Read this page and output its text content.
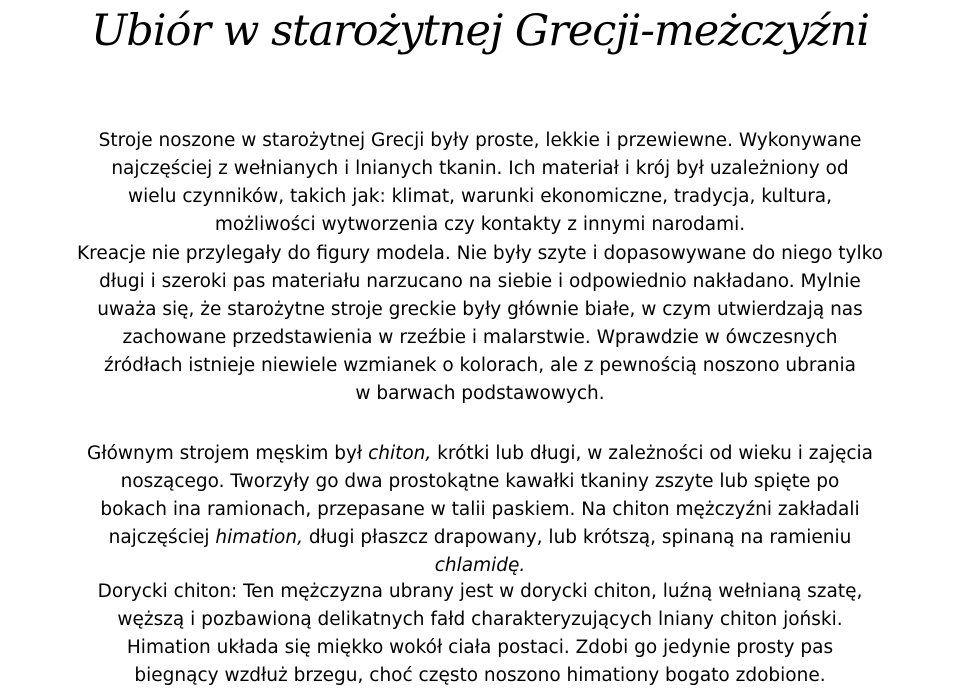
Ubiór w starożytnej Grecji-meżczyźni
Stroje noszone w starożytnej Grecji były proste, lekkie i przewiewne. Wykonywane
najczęściej z wełnianych i lnianych tkanin. Ich materiał i krój był uzależniony od
wielu czynników, takich jak: klimat, warunki ekonomiczne, tradycja, kultura,
możliwości wytworzenia czy kontakty z innymi narodami.
Kreacje nie przylegały do figury modela. Nie były szyte i dopasowywane do niego tylko
długi i szeroki pas materiału narzucano na siebie i odpowiednio nakładano. Mylnie
uważa się, że starożytne stroje greckie były głównie białe, w czym utwierdzają nas
zachowane przedstawienia w rzeźbie i malarstwie. Wprawdzie w ówczesnych
źródłach istnieje niewiele wzmianek o kolorach, ale z pewnością noszono ubrania
w barwach podstawowych.
Głównym strojem męskim był chiton, krótki lub długi, w zależności od wieku i zajęcia
noszącego. Tworzyły go dwa prostokątne kawałki tkaniny zszyte lub spięte po
bokach ina ramionach, przepasane w talii paskiem. Na chiton mężczyźni zakładali
najczęściej himation, długi płaszcz drapowany, lub krótszą, spinaną na ramieniu
chlamidę.
Dorycki chiton: Ten mężczyzna ubrany jest w dorycki chiton, luźną wełnianą szatę,
węższą i pozbawioną delikatnych fałd charakteryzujących lniany chiton joński.
Himation układa się miękko wokół ciała postaci. Zdobi go jedynie prosty pas
biegnący wzdłuż brzegu, choć często noszono himationy bogato zdobione.
